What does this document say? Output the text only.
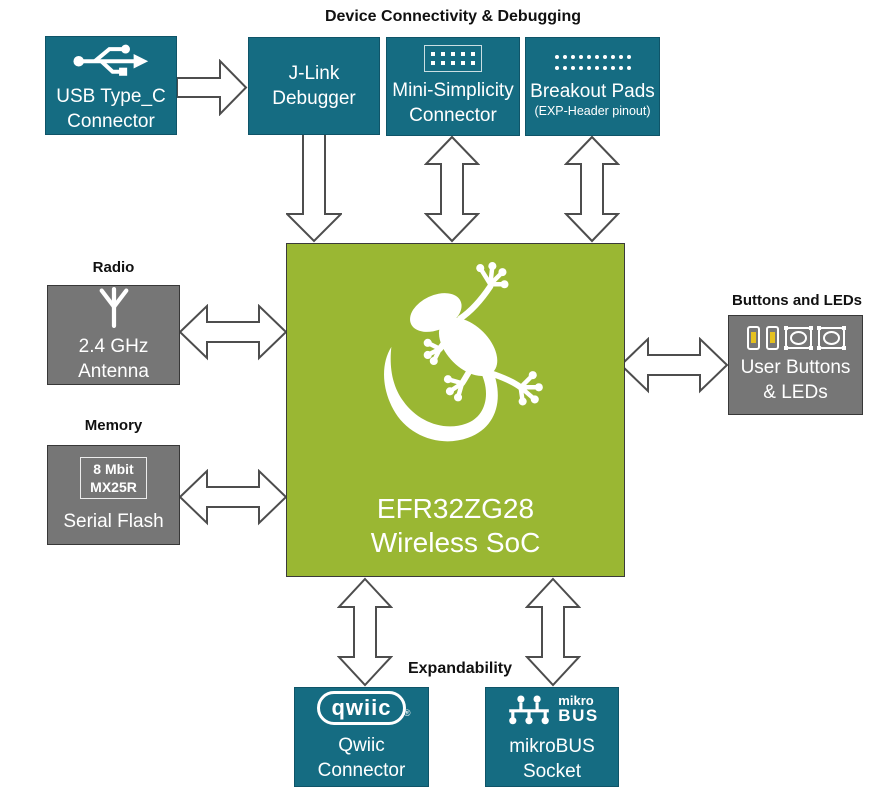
Device Connectivity & Debugging
Radio
Memory
Buttons and LEDs
Expandability
USB Type_C
Connector
J-Link
Debugger Mini-Simplicity
Connector
Breakout Pads
(EXP-Header pinout)
EFR32ZG28
Wireless SoC
2.4 GHz
Antenna
8 Mbit
MX25R
Serial Flash
User Buttons
& LEDs
qwiic ®
Qwiic
Connector
mikro
BUS
mikroBUS
Socket
